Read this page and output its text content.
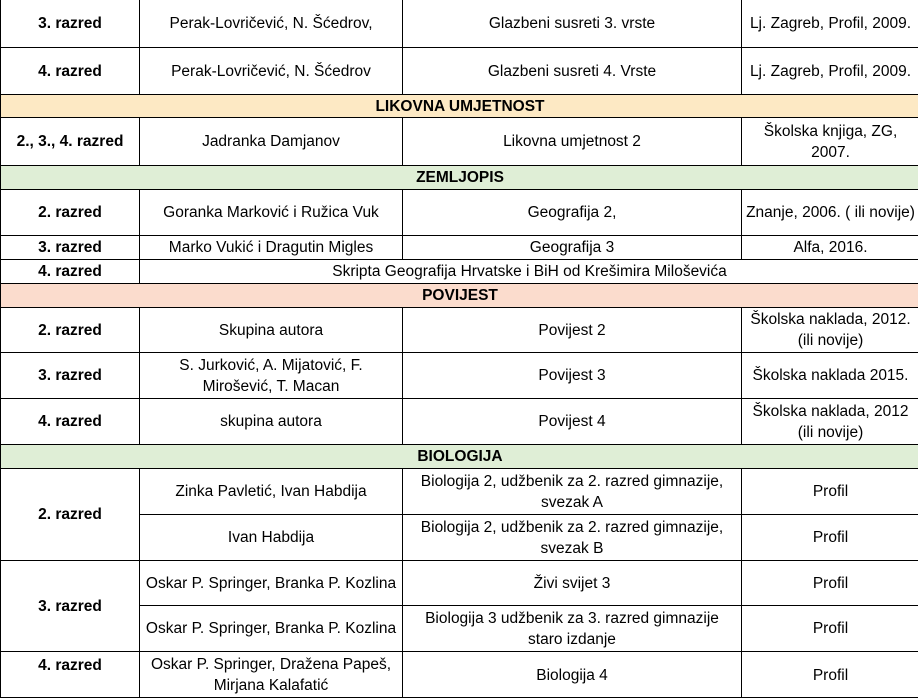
3. razred	Perak-Lovričević, N. Šćedrov,	Glazbeni susreti 3. vrste	Lj. Zagreb, Profil, 2009.
4. razred	Perak-Lovričević, N. Šćedrov	Glazbeni susreti 4. Vrste	Lj. Zagreb, Profil, 2009.
LIKOVNA UMJETNOST			
2., 3., 4. razred	Jadranka Damjanov	Likovna umjetnost 2	Školska knjiga, ZG, 2007.
ZEMLJOPIS			
2. razred	Goranka Marković i Ružica Vuk	Geografija 2,	Znanje, 2006. ( ili novije)
3. razred	Marko Vukić i Dragutin Migles	Geografija 3	Alfa, 2016.
4. razred	Skripta Geografija Hrvatske i BiH od Krešimira Miloševića		
POVIJEST			
2. razred	Skupina autora	Povijest 2	Školska naklada, 2012.(ili novije)
3. razred	S. Jurković, A. Mijatović, F. Mirošević, T. Macan	Povijest 3	Školska naklada 2015.
4. razred	skupina autora	Povijest 4	Školska naklada, 2012 (ili novije)
BIOLOGIJA			
2. razred	Zinka Pavletić, Ivan Habdija	Biologija 2, udžbenik za 2. razred gimnazije, svezak A	Profil
	Ivan Habdija	Biologija 2, udžbenik za 2. razred gimnazije, svezak B	Profil
3. razred	Oskar P. Springer, Branka P. Kozlina	Živi svijet 3	Profil
	Oskar P. Springer, Branka P. Kozlina	Biologija 3 udžbenik za 3. razred gimnazije staro izdanje	Profil
4. razred	Oskar P. Springer, Dražena Papeš, Mirjana Kalafatić	Biologija 4	Profil
